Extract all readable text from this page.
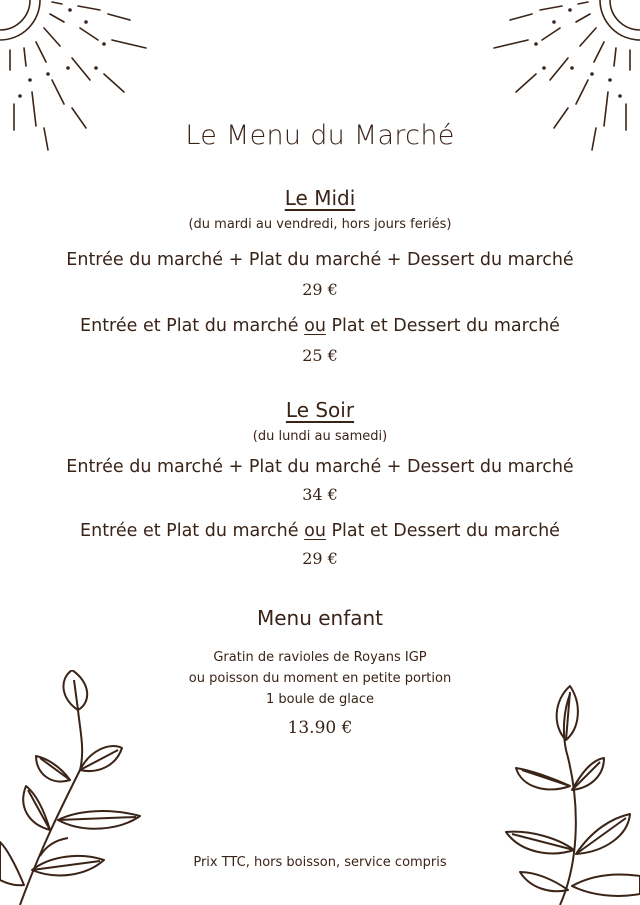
Le Menu du Marché
Le Midi
(du mardi au vendredi, hors jours feriés)
Entrée du marché + Plat du marché + Dessert du marché
29 €
Entrée et Plat du marché ou Plat et Dessert du marché
25 €
Le Soir
(du lundi au samedi)
Entrée du marché + Plat du marché + Dessert du marché
34 €
Entrée et Plat du marché ou Plat et Dessert du marché
29 €
Menu enfant
Gratin de ravioles de Royans IGP
ou poisson du moment en petite portion
1 boule de glace
13.90 €
Prix TTC, hors boisson, service compris
